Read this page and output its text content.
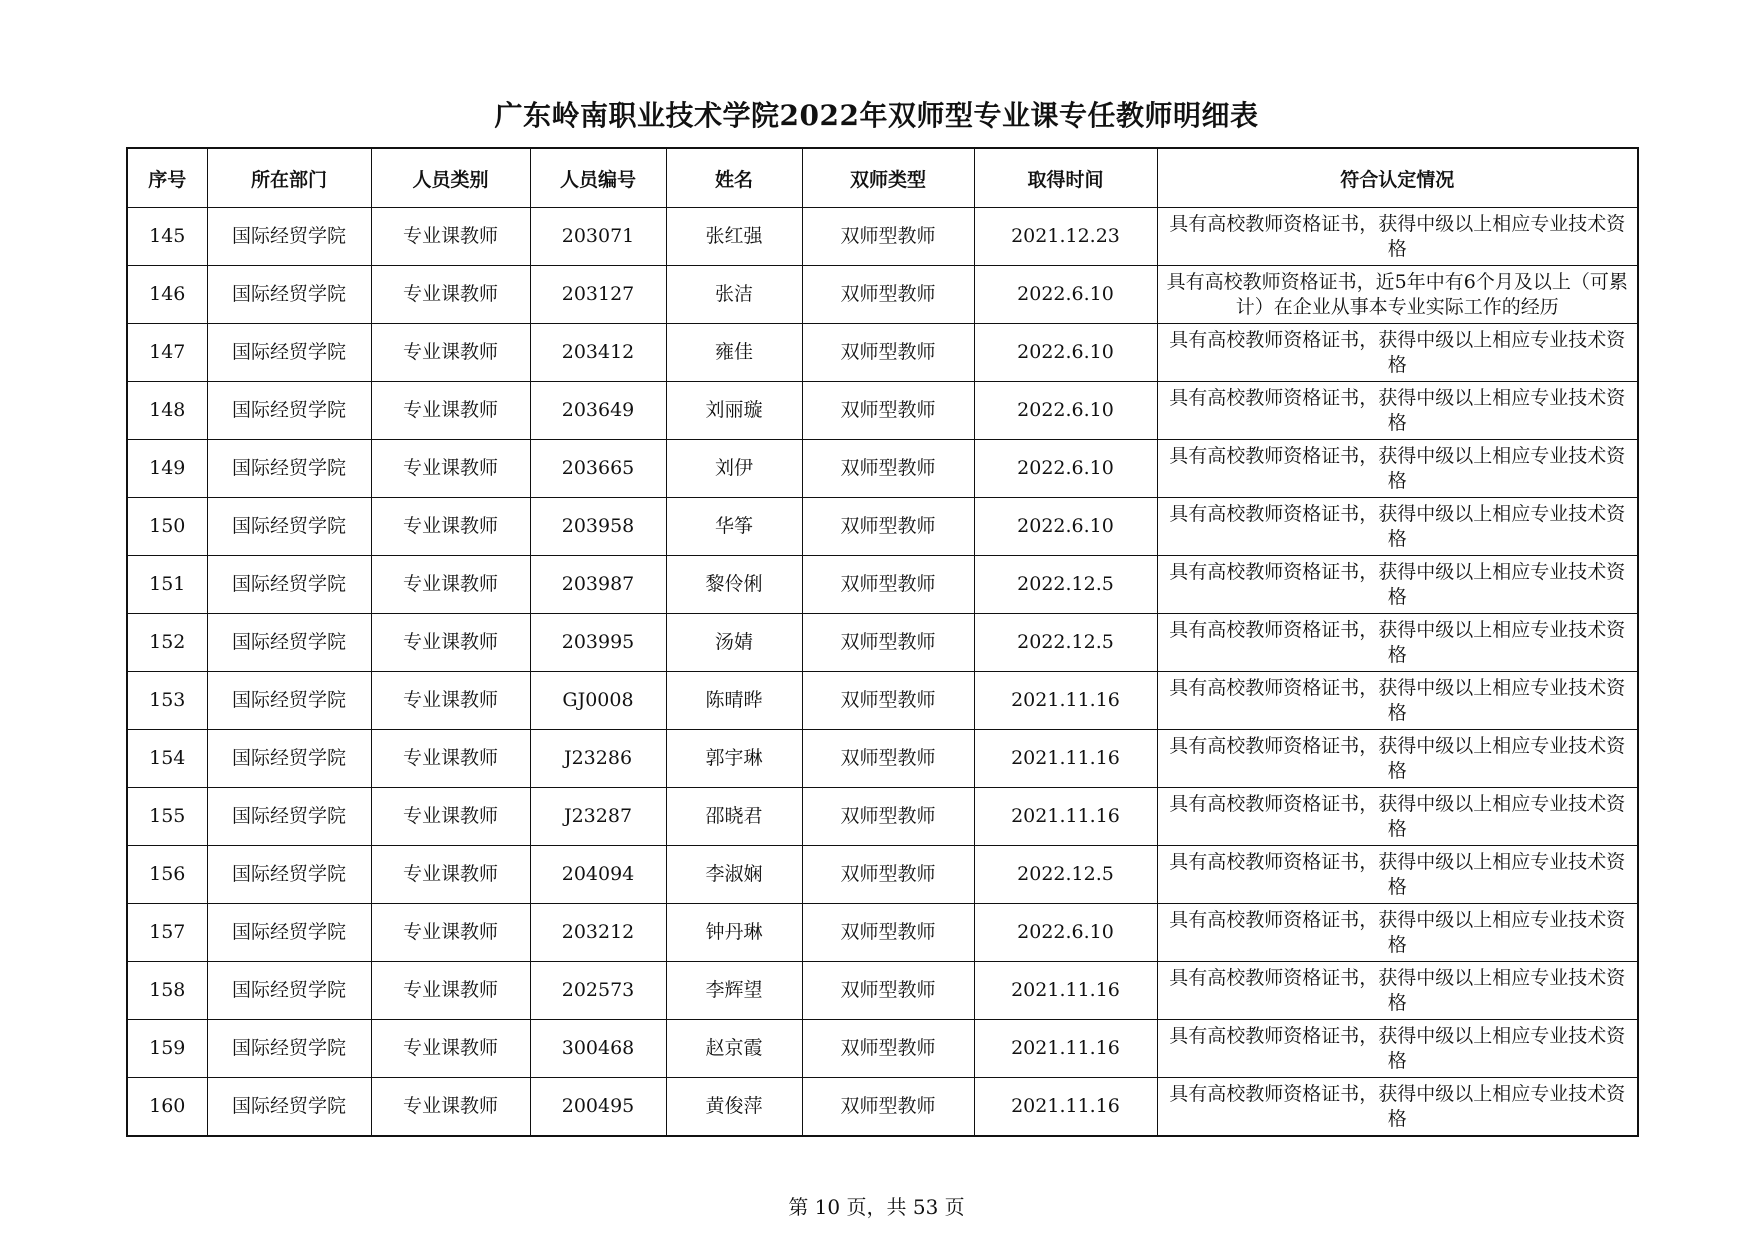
广东岭南职业技术学院2022年双师型专业课专任教师明细表
序号	所在部门	人员类别	人员编号	姓名	双师类型	取得时间	符合认定情况
145	国际经贸学院	专业课教师	203071	张红强	双师型教师	2021.12.23	具有高校教师资格证书，获得中级以上相应专业技术资格
146	国际经贸学院	专业课教师	203127	张洁	双师型教师	2022.6.10	具有高校教师资格证书，近5年中有6个月及以上（可累计）在企业从事本专业实际工作的经历
147	国际经贸学院	专业课教师	203412	雍佳	双师型教师	2022.6.10	具有高校教师资格证书，获得中级以上相应专业技术资格
148	国际经贸学院	专业课教师	203649	刘丽璇	双师型教师	2022.6.10	具有高校教师资格证书，获得中级以上相应专业技术资格
149	国际经贸学院	专业课教师	203665	刘伊	双师型教师	2022.6.10	具有高校教师资格证书，获得中级以上相应专业技术资格
150	国际经贸学院	专业课教师	203958	华筝	双师型教师	2022.6.10	具有高校教师资格证书，获得中级以上相应专业技术资格
151	国际经贸学院	专业课教师	203987	黎伶俐	双师型教师	2022.12.5	具有高校教师资格证书，获得中级以上相应专业技术资格
152	国际经贸学院	专业课教师	203995	汤婧	双师型教师	2022.12.5	具有高校教师资格证书，获得中级以上相应专业技术资格
153	国际经贸学院	专业课教师	GJ0008	陈晴晔	双师型教师	2021.11.16	具有高校教师资格证书，获得中级以上相应专业技术资格
154	国际经贸学院	专业课教师	J23286	郭宇琳	双师型教师	2021.11.16	具有高校教师资格证书，获得中级以上相应专业技术资格
155	国际经贸学院	专业课教师	J23287	邵晓君	双师型教师	2021.11.16	具有高校教师资格证书，获得中级以上相应专业技术资格
156	国际经贸学院	专业课教师	204094	李淑娴	双师型教师	2022.12.5	具有高校教师资格证书，获得中级以上相应专业技术资格
157	国际经贸学院	专业课教师	203212	钟丹琳	双师型教师	2022.6.10	具有高校教师资格证书，获得中级以上相应专业技术资格
158	国际经贸学院	专业课教师	202573	李辉望	双师型教师	2021.11.16	具有高校教师资格证书，获得中级以上相应专业技术资格
159	国际经贸学院	专业课教师	300468	赵京霞	双师型教师	2021.11.16	具有高校教师资格证书，获得中级以上相应专业技术资格
160	国际经贸学院	专业课教师	200495	黄俊萍	双师型教师	2021.11.16	具有高校教师资格证书，获得中级以上相应专业技术资格
第 10 页，共 53 页
